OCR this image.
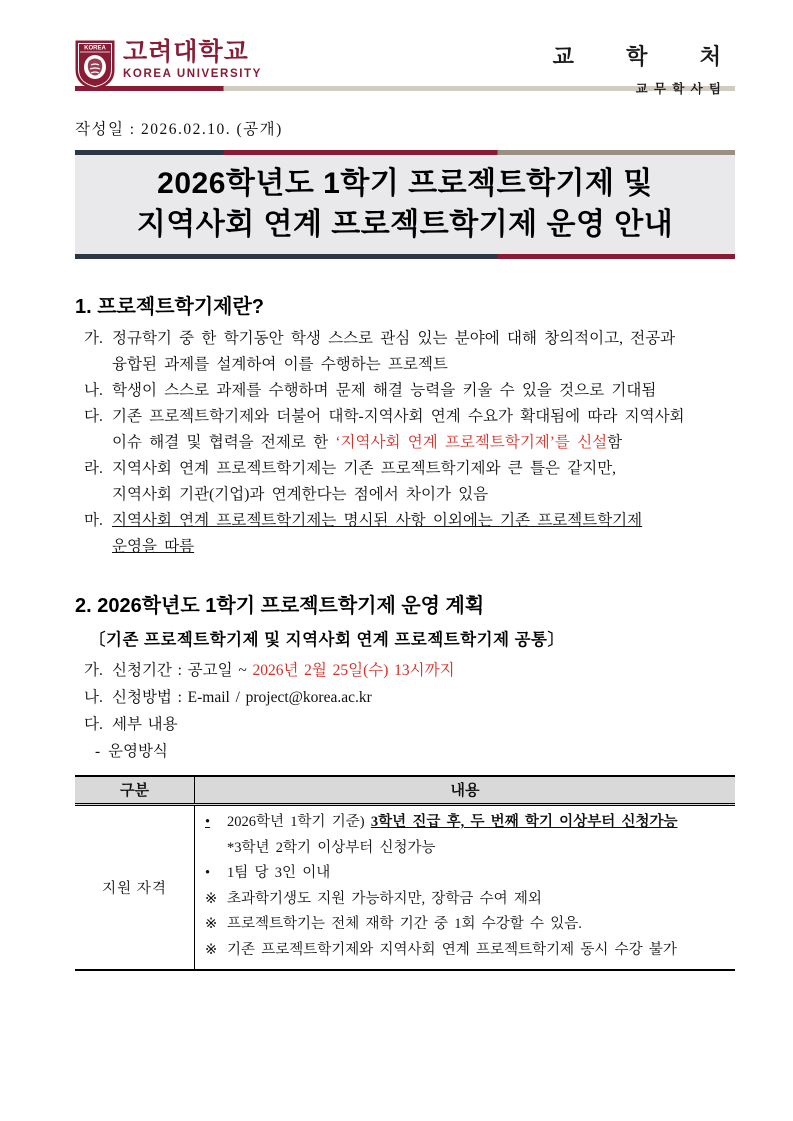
KOREA 고려대학교
KOREA UNIVERSITY
교 학 처
교무학사팀
작성일 : 2026.02.10. (공개)
2026학년도 1학기 프로젝트학기제 및
지역사회 연계 프로젝트학기제 운영 안내
1. 프로젝트학기제란?
가. 정규학기 중 한 학기동안 학생 스스로 관심 있는 분야에 대해 창의적이고, 전공과
융합된 과제를 설계하여 이를 수행하는 프로젝트
나. 학생이 스스로 과제를 수행하며 문제 해결 능력을 키울 수 있을 것으로 기대됨
다. 기존 프로젝트학기제와 더불어 대학-지역사회 연계 수요가 확대됨에 따라 지역사회
이슈 해결 및 협력을 전제로 한 ‘지역사회 연계 프로젝트학기제’를 신설함
라. 지역사회 연계 프로젝트학기제는 기존 프로젝트학기제와 큰 틀은 같지만,
지역사회 기관(기업)과 연계한다는 점에서 차이가 있음
마. 지역사회 연계 프로젝트학기제는 명시된 사항 이외에는 기존 프로젝트학기제
운영을 따름
2. 2026학년도 1학기 프로젝트학기제 운영 계획
〔기존 프로젝트학기제 및 지역사회 연계 프로젝트학기제 공통〕
가. 신청기간 : 공고일 ~ 2026년 2월 25일(수) 13시까지
나. 신청방법 : E-mail / project@korea.ac.kr
다. 세부 내용
- 운영방식
구분	내용
지원 자격
• 2026학년 1학기 기준) 3학년 진급 후, 두 번째 학기 이상부터 신청가능
*3학년 2학기 이상부터 신청가능
• 1팀 당 3인 이내
※ 초과학기생도 지원 가능하지만, 장학금 수여 제외
※ 프로젝트학기는 전체 재학 기간 중 1회 수강할 수 있음.
※ 기존 프로젝트학기제와 지역사회 연계 프로젝트학기제 동시 수강 불가
